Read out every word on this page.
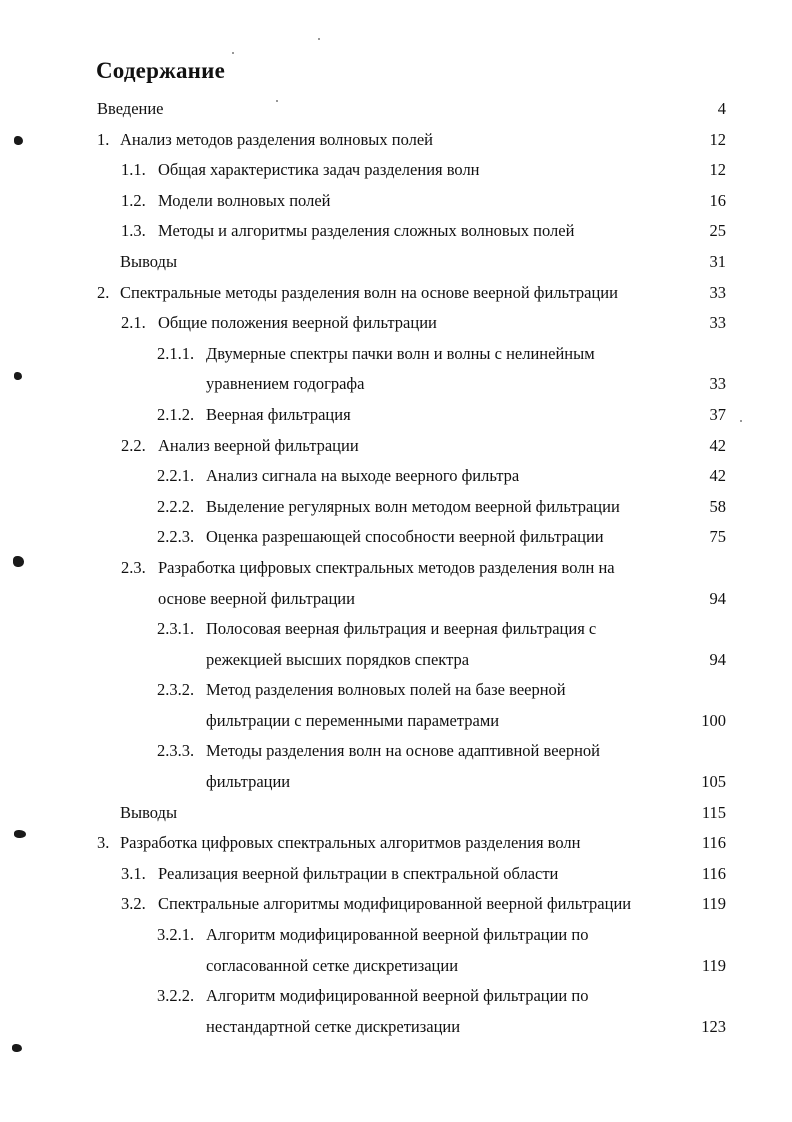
Содержание
Введение	4
1. Анализ методов разделения волновых полей	12
1.1. Общая характеристика задач разделения волн	12
1.2. Модели волновых полей	16
1.3. Методы и алгоритмы разделения сложных волновых полей	25
Выводы	31
2. Спектральные методы разделения волн на основе веерной фильтрации	33
2.1. Общие положения веерной фильтрации	33
2.1.1. Двумерные спектры пачки волн и волны с нелинейным
уравнением годографа	33
2.1.2. Веерная фильтрация	37
2.2. Анализ веерной фильтрации	42
2.2.1. Анализ сигнала на выходе веерного фильтра	42
2.2.2. Выделение регулярных волн методом веерной фильтрации	58
2.2.3. Оценка разрешающей способности веерной фильтрации	75
2.3. Разработка цифровых спектральных методов разделения волн на
основе веерной фильтрации	94
2.3.1. Полосовая веерная фильтрация и веерная фильтрация с
режекцией высших порядков спектра	94
2.3.2. Метод разделения волновых полей на базе веерной
фильтрации с переменными параметрами	100
2.3.3. Методы разделения волн на основе адаптивной веерной
фильтрации	105
Выводы	115
3. Разработка цифровых спектральных алгоритмов разделения волн	116
3.1. Реализация веерной фильтрации в спектральной области	116
3.2. Спектральные алгоритмы модифицированной веерной фильтрации	119
3.2.1. Алгоритм модифицированной веерной фильтрации по
согласованной сетке дискретизации	119
3.2.2. Алгоритм модифицированной веерной фильтрации по
нестандартной сетке дискретизации	123
